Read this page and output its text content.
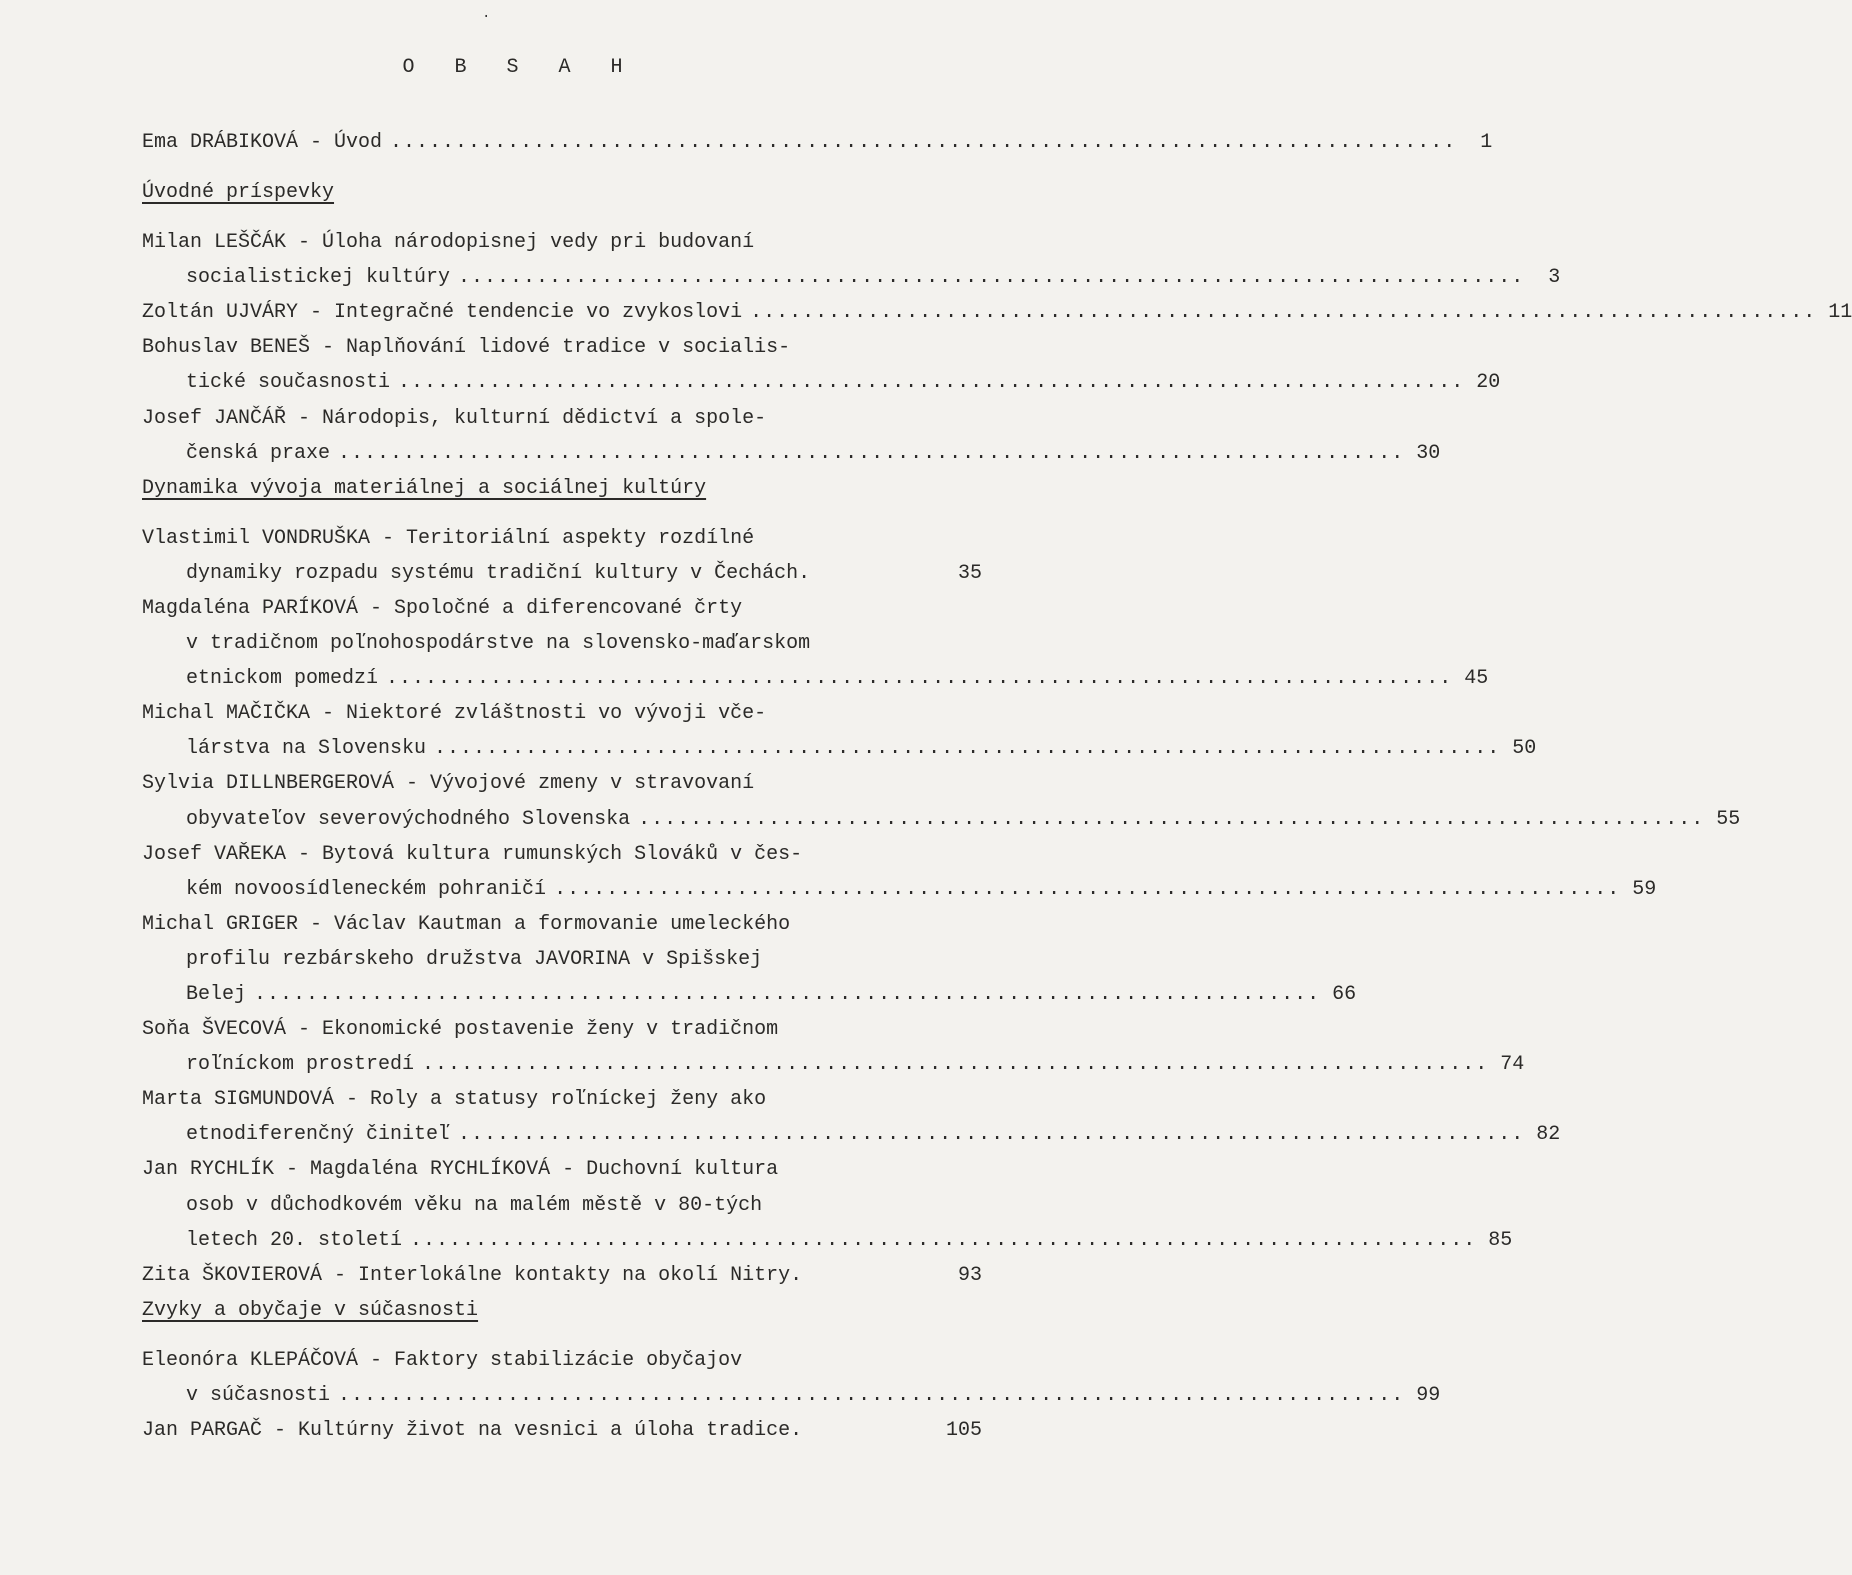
.
O B S A H
Ema DRÁBIKOVÁ - Úvod ..................................................................................	1
Úvodné príspevky
Milan LEŠČÁK - Úloha národopisnej vedy pri budovaní
socialistickej kultúry ..................................................................................	3
Zoltán UJVÁRY - Integračné tendencie vo zvykoslovi .................................................................................. 11
Bohuslav BENEŠ - Naplňování lidové tradice v socialis-
tické současnosti .................................................................................. 20
Josef JANČÁŘ - Národopis, kulturní dědictví a spole-
čenská praxe .................................................................................. 30
Dynamika vývoja materiálnej a sociálnej kultúry
Vlastimil VONDRUŠKA - Teritoriální aspekty rozdílné
dynamiky rozpadu systému tradiční kultury v Čechách.	35
Magdaléna PARÍKOVÁ - Spoločné a diferencované črty
v tradičnom poľnohospodárstve na slovensko-maďarskom
etnickom pomedzí .................................................................................. 45
Michal MAČIČKA - Niektoré zvláštnosti vo vývoji vče-
lárstva na Slovensku .................................................................................. 50
Sylvia DILLNBERGEROVÁ - Vývojové zmeny v stravovaní
obyvateľov severovýchodného Slovenska .................................................................................. 55
Josef VAŘEKA - Bytová kultura rumunských Slováků v čes-
kém novoosídleneckém pohraničí .................................................................................. 59
Michal GRIGER - Václav Kautman a formovanie umeleckého
profilu rezbárskeho družstva JAVORINA v Spišskej
Belej .................................................................................. 66
Soňa ŠVECOVÁ - Ekonomické postavenie ženy v tradičnom
roľníckom prostredí .................................................................................. 74
Marta SIGMUNDOVÁ - Roly a statusy roľníckej ženy ako
etnodiferenčný činiteľ .................................................................................. 82
Jan RYCHLÍK - Magdaléna RYCHLÍKOVÁ - Duchovní kultura
osob v důchodkovém věku na malém městě v 80-tých
letech 20. století .................................................................................. 85
Zita ŠKOVIEROVÁ - Interlokálne kontakty na okolí Nitry.	93
Zvyky a obyčaje v súčasnosti
Eleonóra KLEPÁČOVÁ - Faktory stabilizácie obyčajov
v súčasnosti .................................................................................. 99
Jan PARGAČ - Kultúrny život na vesnici a úloha tradice.	105
